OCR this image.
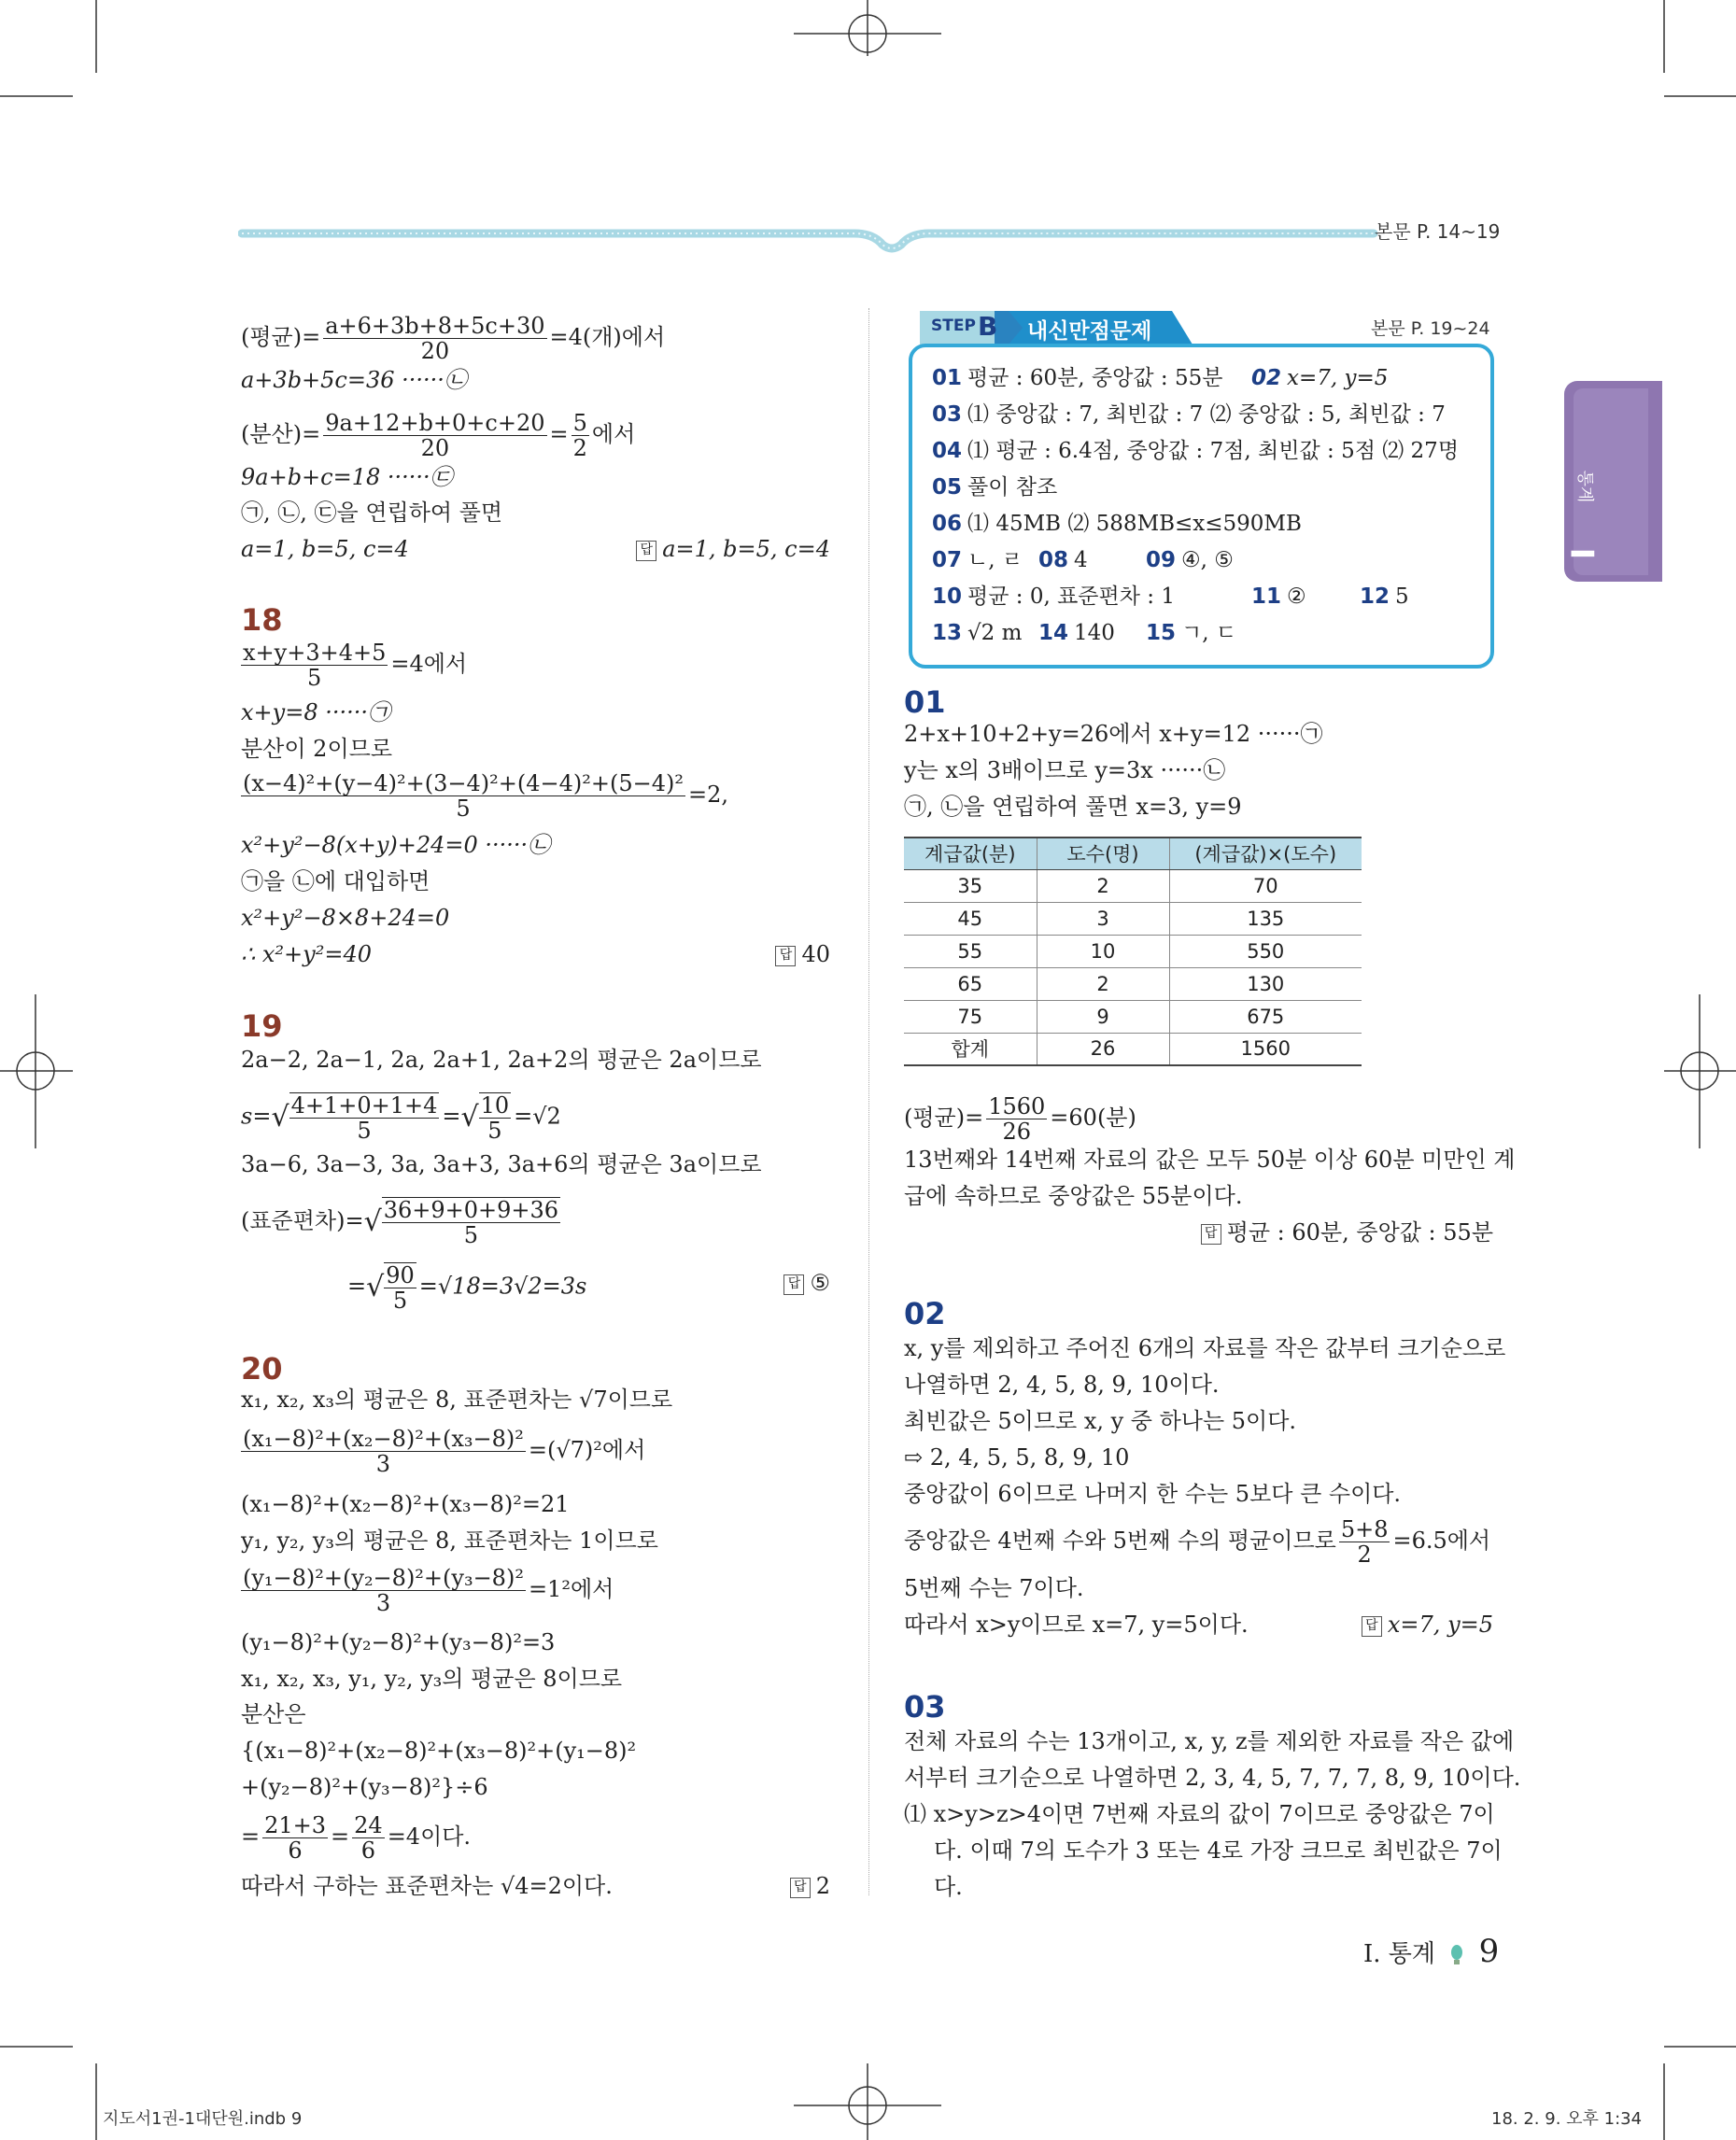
본문 P. 14~19
I
통계
(평균)= $\frac{a+6+3b+8+5c+30}{20} =4$(개)에서
a+3b+5c=36 ······㉡
(분산)= $\frac{9a+12+b+0+c+20}{20} = \frac{5}{2}$ 에서
9a+b+c=18 ······㉢
㉠, ㉡, ㉢을 연립하여 풀면
a=1, b=5, c=4	답 a=1, b=5, c=4
18
$\frac{x+y+3+4+5}{5} =4$에서
x+y=8 ······㉠
분산이 2이므로
$\frac{\text{(x−4)²+(y−4)²+(3−4)²+(4−4)²+(5−4)²}}{5} =2$,
x²+y²−8(x+y)+24=0 ······㉡
㉠을 ㉡에 대입하면
x²+y²−8×8+24=0
∴ x²+y²=40	답 40
19
2a−2, 2a−1, 2a, 2a+1, 2a+2의 평균은 2a이므로
$s=√ \frac{4+1+0+1+4}{5}$ =√ $\frac{10}{5} =√2$
3a−6, 3a−3, 3a, 3a+3, 3a+6의 평균은 3a이므로
(표준편차)=√ $\frac{36+9+0+9+36}{5}$
=√ $\frac{90}{5} =√18=3√2=3s$	답 ⑤
20
x₁, x₂, x₃의 평균은 8, 표준편차는 √7이므로
$\frac{\text{(x₁−8)²+(x₂−8)²+(x₃−8)²}}{3} =(√7)^2$에서
(x₁−8)²+(x₂−8)²+(x₃−8)²=21
y₁, y₂, y₃의 평균은 8, 표준편차는 1이므로
$\frac{\text{(y₁−8)²+(y₂−8)²+(y₃−8)²}}{3} =1^2$에서
(y₁−8)²+(y₂−8)²+(y₃−8)²=3
x₁, x₂, x₃, y₁, y₂, y₃의 평균은 8이므로
분산은
{(x₁−8)²+(x₂−8)²+(x₃−8)²+(y₁−8)²
+(y₂−8)²+(y₃−8)²}÷6
= $\frac{21+3}{6} = \frac{24}{6} =4$이다.
따라서 구하는 표준편차는 √4=2이다.	답 2
STEP B 내신만점문제	본문 P. 19~24
01 평균 : 60분, 중앙값 : 55분 02 x=7, y=5
03 ⑴ 중앙값 : 7, 최빈값 : 7 ⑵ 중앙값 : 5, 최빈값 : 7
04 ⑴ 평균 : 6.4점, 중앙값 : 7점, 최빈값 : 5점 ⑵ 27명
05 풀이 참조
06 ⑴ 45MB ⑵ 588MB≤x≤590MB
07 ㄴ, ㄹ 08 4	09 ④, ⑤
10 평균 : 0, 표준편차 : 1	11 ② 12 5
13 √2 m 14 140 15 ㄱ, ㄷ
01
2+x+10+2+y=26에서 x+y=12 ······㉠
y는 x의 3배이므로 y=3x ······㉡
㉠, ㉡을 연립하여 풀면 x=3, y=9
계급값(분)	도수(명)	(계급값)×(도수)
35	2	70
45	3	135
55	10	550
65	2	130
75	9	675
합계	26	1560
(평균)= $\frac{1560}{26} =60$(분)
13번째와 14번째 자료의 값은 모두 50분 이상 60분 미만인 계
급에 속하므로 중앙값은 55분이다.
답 평균 : 60분, 중앙값 : 55분
02
x, y를 제외하고 주어진 6개의 자료를 작은 값부터 크기순으로
나열하면 2, 4, 5, 8, 9, 10이다.
최빈값은 5이므로 x, y 중 하나는 5이다.
⇨ 2, 4, 5, 5, 8, 9, 10
중앙값이 6이므로 나머지 한 수는 5보다 큰 수이다.
중앙값은 4번째 수와 5번째 수의 평균이므로 $\frac{5+8}{2} =6.5$에서
5번째 수는 7이다.
따라서 x>y이므로 x=7, y=5이다.	답 x=7, y=5
03
전체 자료의 수는 13개이고, x, y, z를 제외한 자료를 작은 값에
서부터 크기순으로 나열하면 2, 3, 4, 5, 7, 7, 7, 8, 9, 10이다.
⑴ x>y>z>4이면 7번째 자료의 값이 7이므로 중앙값은 7이
다. 이때 7의 도수가 3 또는 4로 가장 크므로 최빈값은 7이
다.
I. 통계 9
지도서1권-1대단원.indb 9	18. 2. 9. 오후 1:34
